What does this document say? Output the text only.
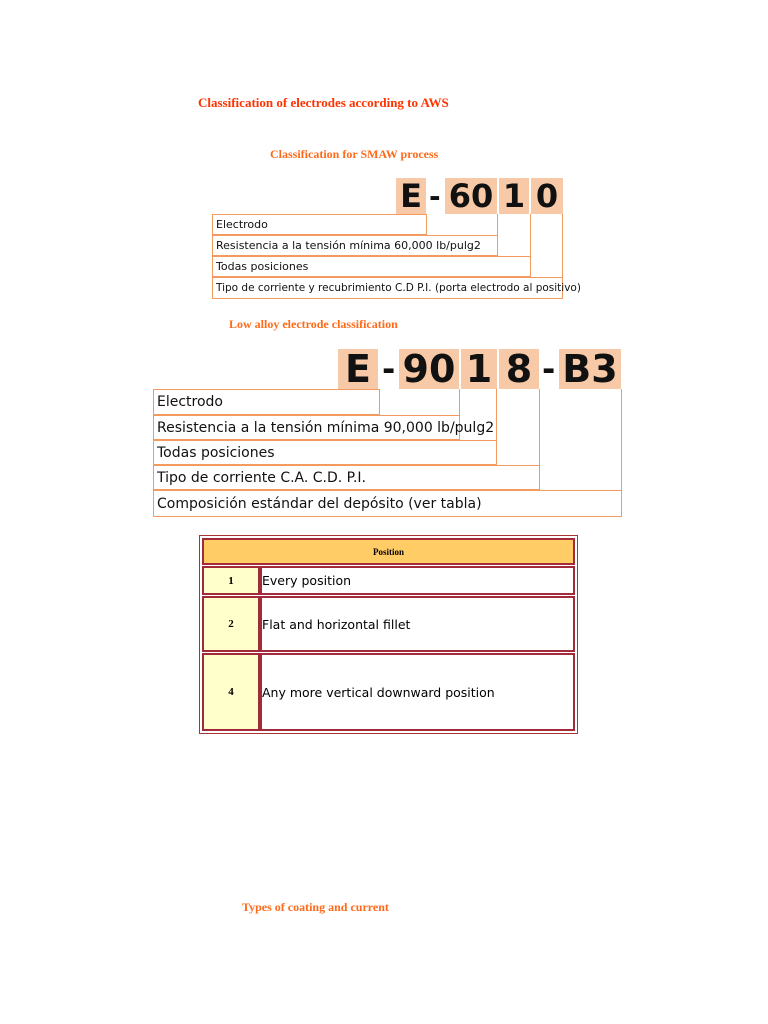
Classification of electrodes according to AWS
Classification for SMAW process
E - 60 1 0
Electrodo
Resistencia a la tensión mínima 60,000 lb/pulg2
Todas posiciones
Tipo de corriente y recubrimiento C.D P.I. (porta electrodo al positivo)
Low alloy electrode classification
E - 90 1 8 - B3
Electrodo
Resistencia a la tensión mínima 90,000 lb/pulg2
Todas posiciones
Tipo de corriente C.A. C.D. P.I.
Composición estándar del depósito (ver tabla)
Position
1	Every position
2	Flat and horizontal fillet
4	Any more vertical downward position
Types of coating and current
